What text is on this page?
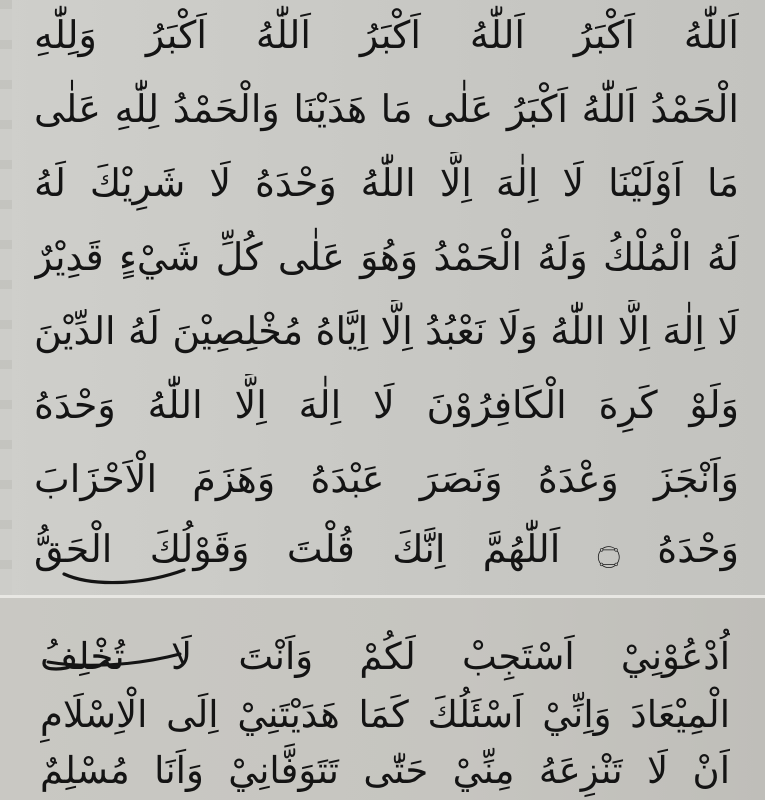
اَللّٰهُ اَكْبَرُ اَللّٰهُ اَكْبَرُ اَللّٰهُ اَكْبَرُ وَلِلّٰهِ
الْحَمْدُ اَللّٰهُ اَكْبَرُ عَلٰى مَا هَدَيْنَا وَالْحَمْدُ لِلّٰهِ عَلٰى
مَا اَوْلَيْنَا لَا اِلٰهَ اِلَّا اللّٰهُ وَحْدَهُ لَا شَرِيْكَ لَهُ
لَهُ الْمُلْكُ وَلَهُ الْحَمْدُ وَهُوَ عَلٰى كُلِّ شَيْءٍ قَدِيْرٌ
لَا اِلٰهَ اِلَّا اللّٰهُ وَلَا نَعْبُدُ اِلَّا اِيَّاهُ مُخْلِصِيْنَ لَهُ الدِّيْنَ
وَلَوْ كَرِهَ الْكَافِرُوْنَ لَا اِلٰهَ اِلَّا اللّٰهُ وَحْدَهُ
وَاَنْجَزَ وَعْدَهُ وَنَصَرَ عَبْدَهُ وَهَزَمَ الْاَحْزَابَ
وَحْدَهُ ۝ اَللّٰهُمَّ اِنَّكَ قُلْتَ وَقَوْلُكَ الْحَقُّ
اُدْعُوْنِيْ اَسْتَجِبْ لَكُمْ وَاَنْتَ لَا تُخْلِفُ
الْمِيْعَادَ وَاِنِّيْ اَسْئَلُكَ كَمَا هَدَيْتَنِيْ اِلَى الْاِسْلَامِ
اَنْ لَا تَنْزِعَهُ مِنِّيْ حَتّٰى تَتَوَفَّانِيْ وَاَنَا مُسْلِمٌ
